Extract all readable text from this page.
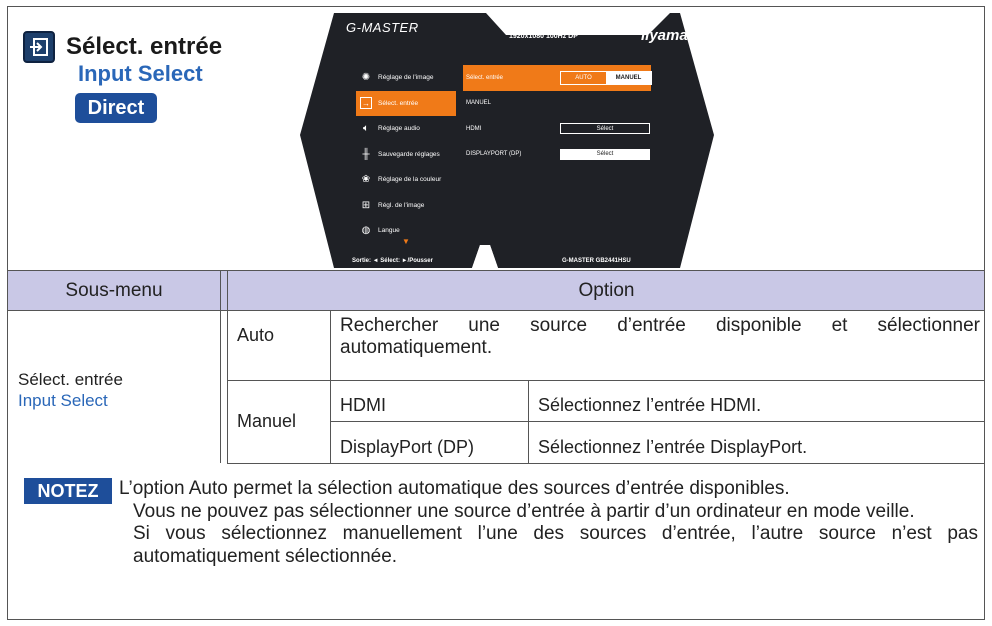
Sélect. entrée
Input Select
Direct
G-MASTER
1920x1080 100Hz DP	iiyama
✺ Réglage de l'image
→	Sélect. entrée
🔈︎	Réglage audio
╫	Sauvegarde réglages
❀ Réglage de la couleur
⊞ Régl. de l'image
◍ Langue
Sélect. entrée	AUTO	MANUEL
MANUEL
HDMI	Sélect
DISPLAYPORT (DP)	Sélect
▼
Sortie: ◄ Sélect: ►/Pousser	G-MASTER GB2441HSU
Sous-menu	Option
Sélect. entrée
Input Select
Auto	Rechercher une source d’entrée disponible et sélectionner automatiquement.
Manuel
HDMI	Sélectionnez l’entrée HDMI.
DisplayPort (DP)	Sélectionnez l’entrée DisplayPort.
NOTEZ	L’option Auto permet la sélection automatique des sources d’entrée disponibles.

Vous ne pouvez pas sélectionner une source d’entrée à partir d’un ordinateur en mode veille.

Si vous sélectionnez manuellement l’une des sources d’entrée, l’autre source n’est pas automatiquement sélectionnée.
